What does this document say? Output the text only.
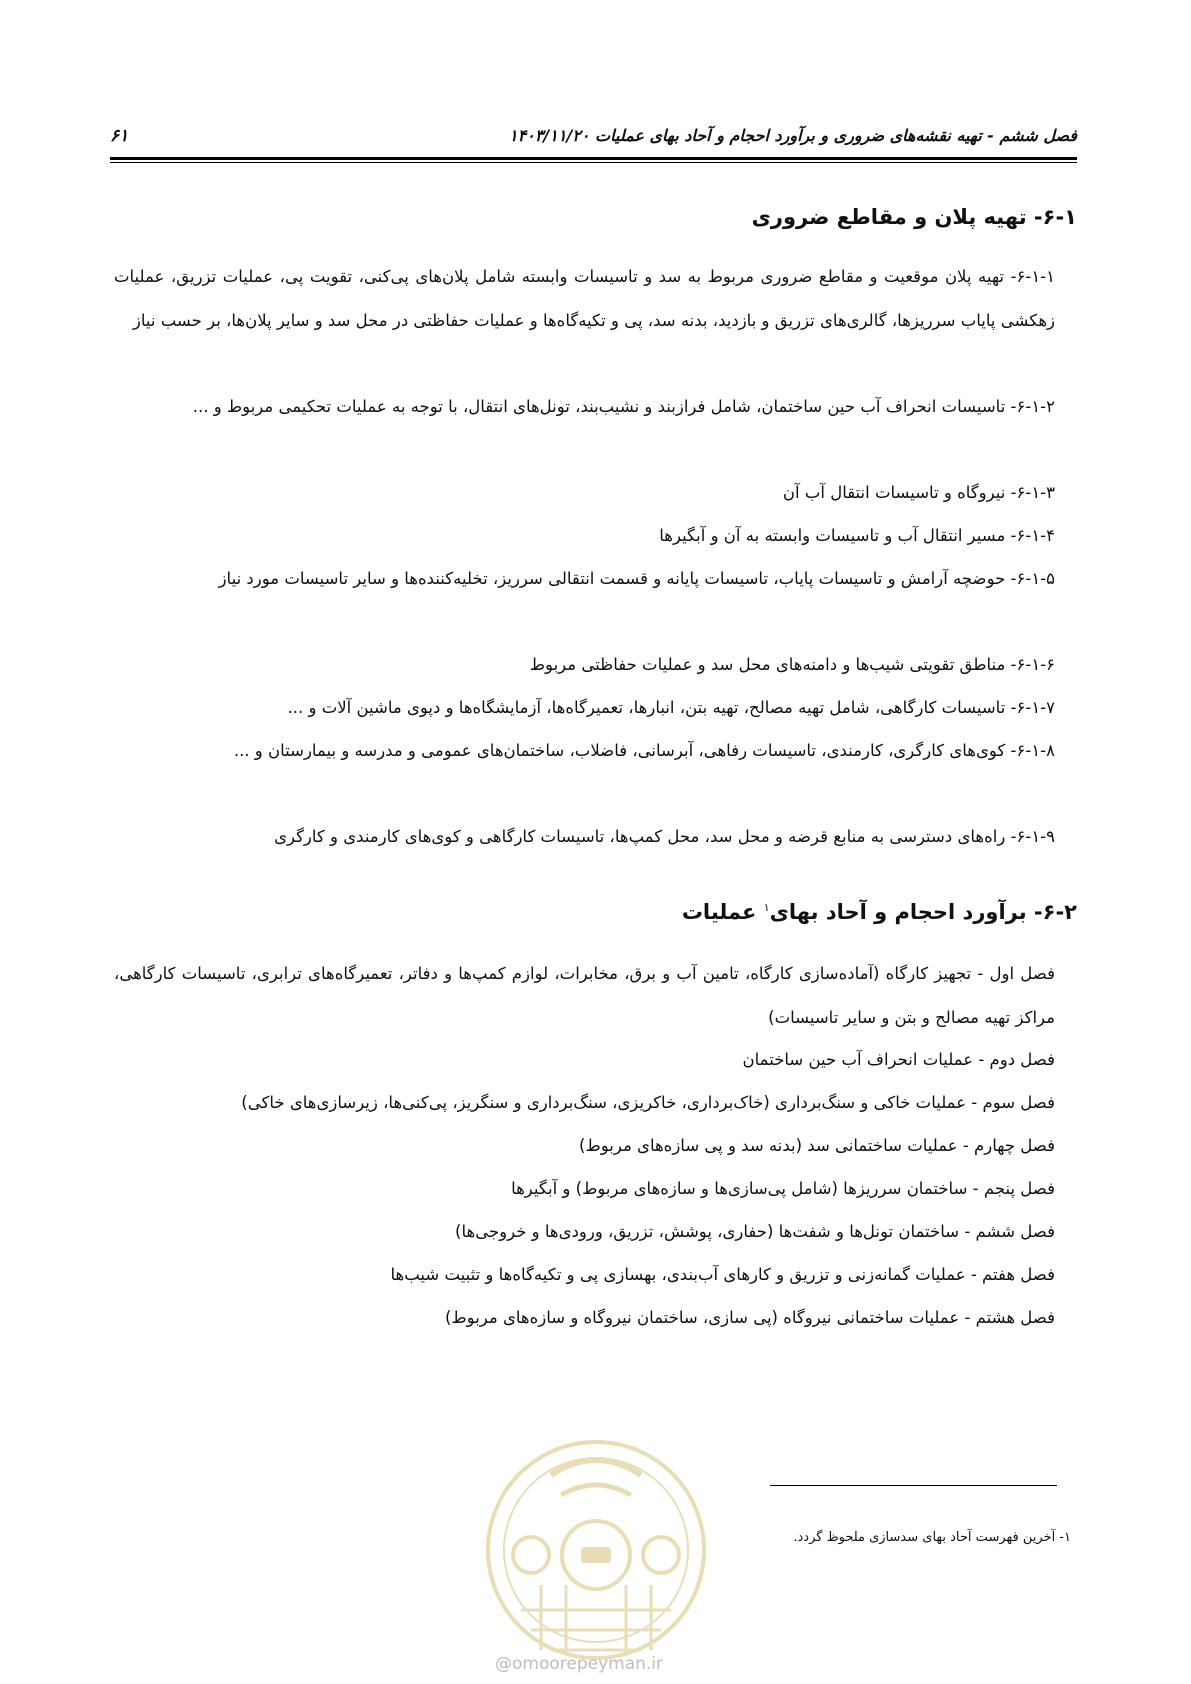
فصل ششم - تهیه نقشه‌های ضروری و برآورد احجام و آحاد بهای عملیات ۱۴۰۳/۱۱/۲۰
۶۱
۶-۱- تهیه پلان و مقاطع ضروری
۶-۱-۱- تهیه پلان موقعیت و مقاطع ضروری مربوط به سد و تاسیسات وابسته شامل پلان‌های پی‌کنی، تقویت پی، عملیات تزریق، عملیات زهکشی پایاب سرریزها، گالری‌های تزریق و بازدید، بدنه سد، پی و تکیه‌گاه‌ها و عملیات حفاظتی در محل سد و سایر پلان‌ها، بر حسب نیاز
۶-۱-۲- تاسیسات انحراف آب حین ساختمان، شامل فرازبند و نشیب‌بند، تونل‌های انتقال، با توجه به عملیات تحکیمی مربوط و ...
۶-۱-۳- نیروگاه و تاسیسات انتقال آب آن
۶-۱-۴- مسیر انتقال آب و تاسیسات وابسته به آن و آبگیرها
۶-۱-۵- حوضچه آرامش و تاسیسات پایاب، تاسیسات پایانه و قسمت انتقالی سرریز، تخلیه‌کننده‌ها و سایر تاسیسات مورد نیاز
۶-۱-۶- مناطق تقویتی شیب‌ها و دامنه‌های محل سد و عملیات حفاظتی مربوط
۶-۱-۷- تاسیسات کارگاهی، شامل تهیه مصالح، تهیه بتن، انبارها، تعمیرگاه‌ها، آزمایشگاه‌ها و دپوی ماشین آلات و ...
۶-۱-۸- کوی‌های کارگری، کارمندی، تاسیسات رفاهی، آبرسانی، فاضلاب، ساختمان‌های عمومی و مدرسه و بیمارستان و ...
۶-۱-۹- راه‌های دسترسی به منابع قرضه و محل سد، محل کمپ‌ها، تاسیسات کارگاهی و کوی‌های کارمندی و کارگری
۶-۲- برآورد احجام و آحاد بهای$^۱$ عملیات
فصل اول - تجهیز کارگاه (آماده‌سازی کارگاه، تامین آب و برق، مخابرات، لوازم کمپ‌ها و دفاتر، تعمیرگاه‌های ترابری، تاسیسات کارگاهی، مراکز تهیه مصالح و بتن و سایر تاسیسات)
فصل دوم - عملیات انحراف آب حین ساختمان
فصل سوم - عملیات خاکی و سنگ‌برداری (خاک‌برداری، خاکریزی، سنگ‌برداری و سنگریز، پی‌کنی‌ها، زیرسازی‌های خاکی)
فصل چهارم - عملیات ساختمانی سد (بدنه سد و پی سازه‌های مربوط)
فصل پنجم - ساختمان سرریزها (شامل پی‌سازی‌ها و سازه‌های مربوط) و آبگیرها
فصل ششم - ساختمان تونل‌ها و شفت‌ها (حفاری، پوشش، تزریق، ورودی‌ها و خروجی‌ها)
فصل هفتم - عملیات گمانه‌زنی و تزریق و کارهای آب‌بندی، بهسازی پی و تکیه‌گاه‌ها و تثبیت شیب‌ها
فصل هشتم - عملیات ساختمانی نیروگاه (پی سازی، ساختمان نیروگاه و سازه‌های مربوط)
@omoorepeyman.ir
۱- آخرین فهرست آحاد بهای سدسازی ملحوظ گردد.
